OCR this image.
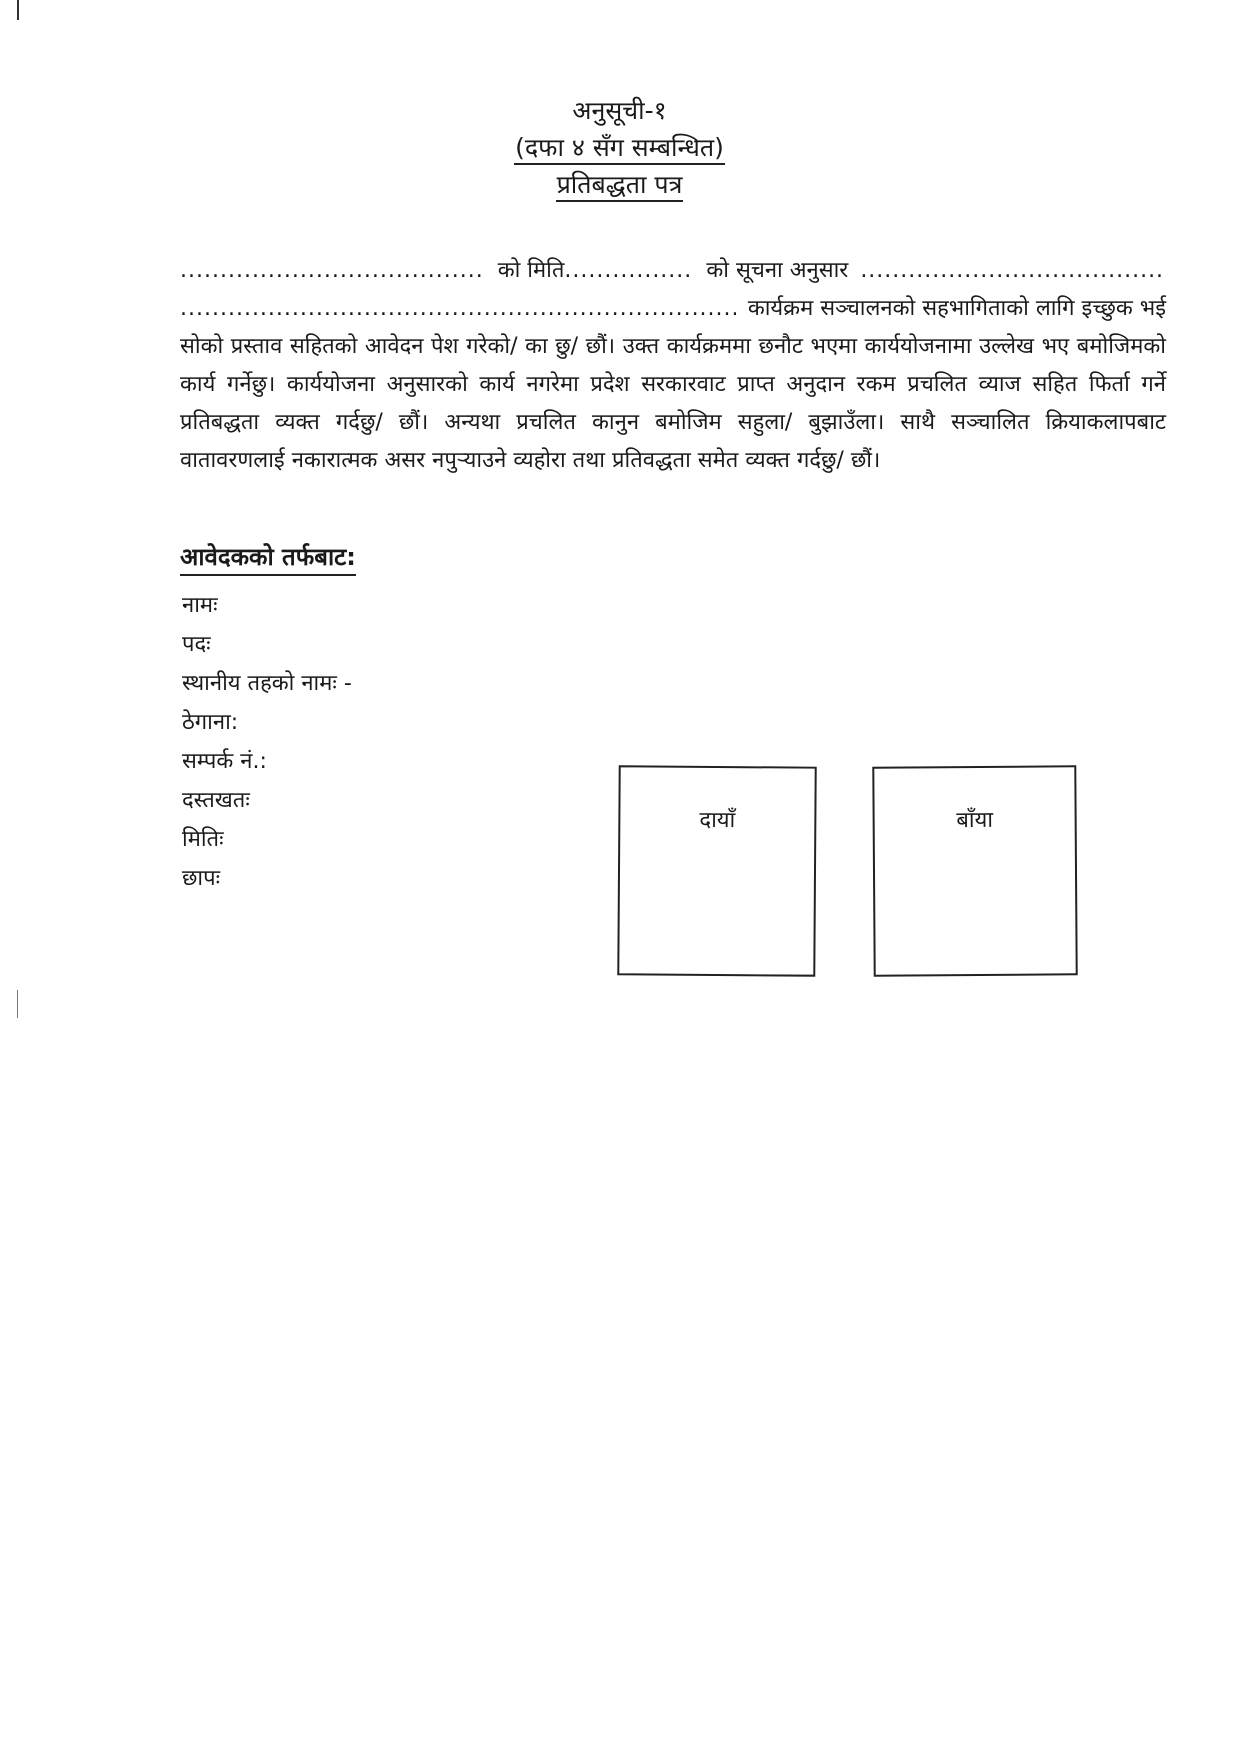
अनुसूची-१
(दफा ४ सँग सम्बन्धित)
प्रतिबद्धता पत्र
.....
को मिति
.....	को सूचना अनुसार
.....
.....
कार्यक्रम सञ्चालनको सहभागिताको लागि इच्छुक भई
सोको प्रस्ताव सहितको आवेदन पेश गरेको/ का छु/ छौं। उक्त कार्यक्रममा छनौट भएमा कार्ययोजनामा उल्लेख भए बमोजिमको कार्य गर्नेछु। कार्ययोजना अनुसारको कार्य नगरेमा प्रदेश सरकारवाट प्राप्त अनुदान रकम प्रचलित व्याज सहित फिर्ता गर्ने प्रतिबद्धता व्यक्त गर्दछु/ छौं। अन्यथा प्रचलित कानुन बमोजिम सहुला/ बुझाउँला। साथै सञ्चालित क्रियाकलापबाट वातावरणलाई नकारात्मक असर नपुऱ्याउने व्यहोरा तथा प्रतिवद्धता समेत व्यक्त गर्दछु/ छौं।
आवेदकको तर्फबाट:
नामः
पदः
स्थानीय तहको नामः -
ठेगाना:
सम्पर्क नं.:
दस्तखतः
मितिः
छापः
दायाँ	बाँया
